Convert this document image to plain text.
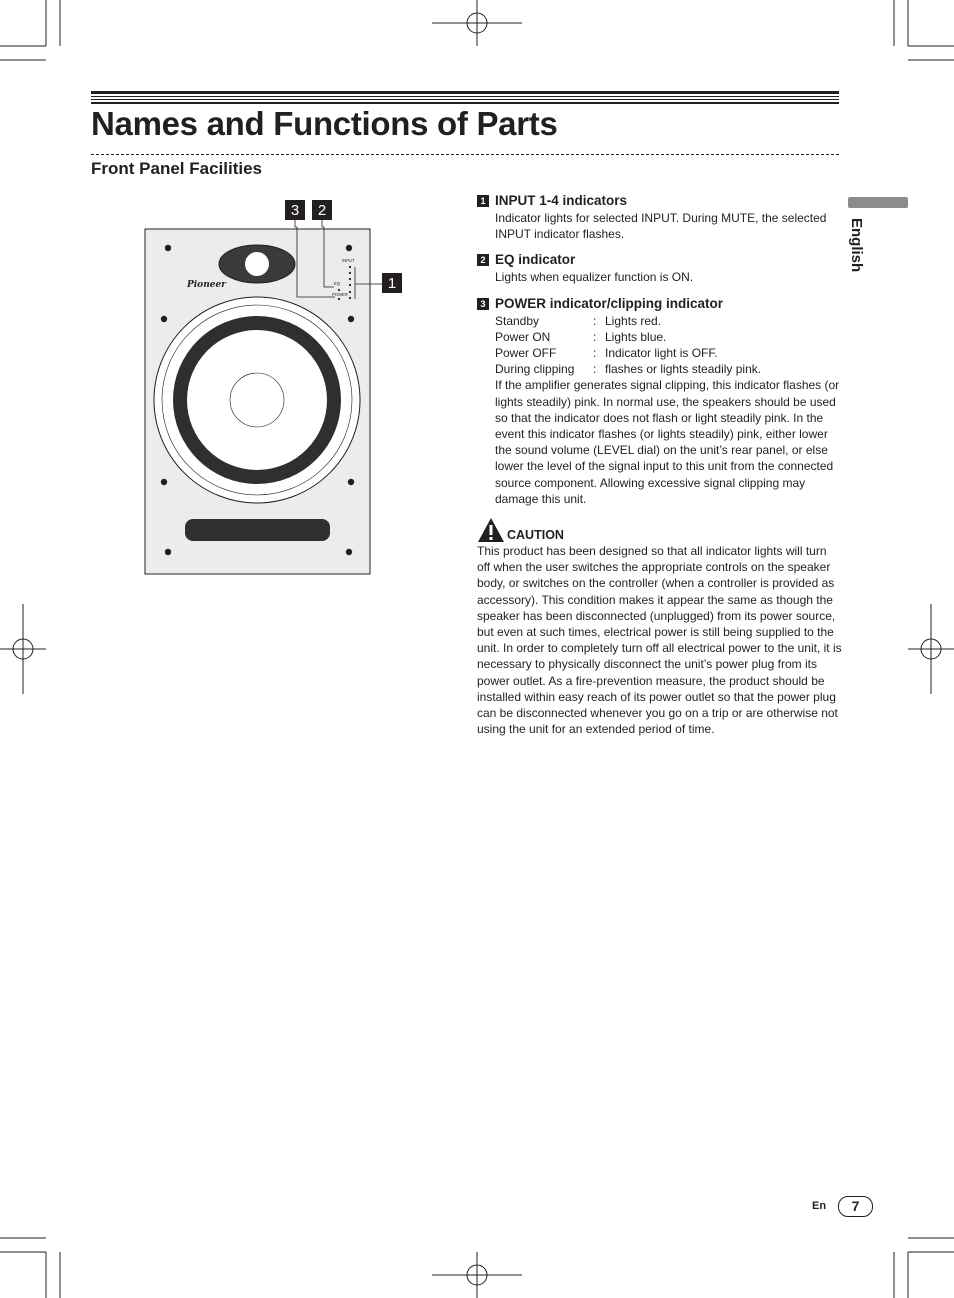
Names and Functions of Parts
Front Panel Facilities
Pioneer
INPUT
EQ
POWER
3 2
1
1 INPUT 1-4 indicators

Indicator lights for selected INPUT. During MUTE, the selected INPUT indicator flashes.

2 EQ indicator

Lights when equalizer function is ON.

3 POWER indicator/clipping indicator
Standby	: Lights red.
Power ON	: Lights blue.
Power OFF	: Indicator light is OFF.
During clipping	: flashes or lights steadily pink.

If the amplifier generates signal clipping, this indicator flashes (or lights steadily) pink. In normal use, the speakers should be used so that the indicator does not flash or light steadily pink. In the event this indicator flashes (or lights steadily) pink, either lower the sound volume (LEVEL dial) on the unit’s rear panel, or else lower the level of the signal input to this unit from the connected source component. Allowing excessive signal clipping may damage this unit.

CAUTION

This product has been designed so that all indicator lights will turn off when the user switches the appropriate controls on the speaker body, or switches on the controller (when a controller is provided as accessory). This condition makes it appear the same as though the speaker has been disconnected (unplugged) from its power source, but even at such times, electrical power is still being supplied to the unit. In order to completely turn off all electrical power to the unit, it is necessary to physically disconnect the unit’s power plug from its power outlet. As a fire-prevention measure, the product should be installed within easy reach of its power outlet so that the power plug can be disconnected whenever you go on a trip or are otherwise not using the unit for an extended period of time.

English
En	7
